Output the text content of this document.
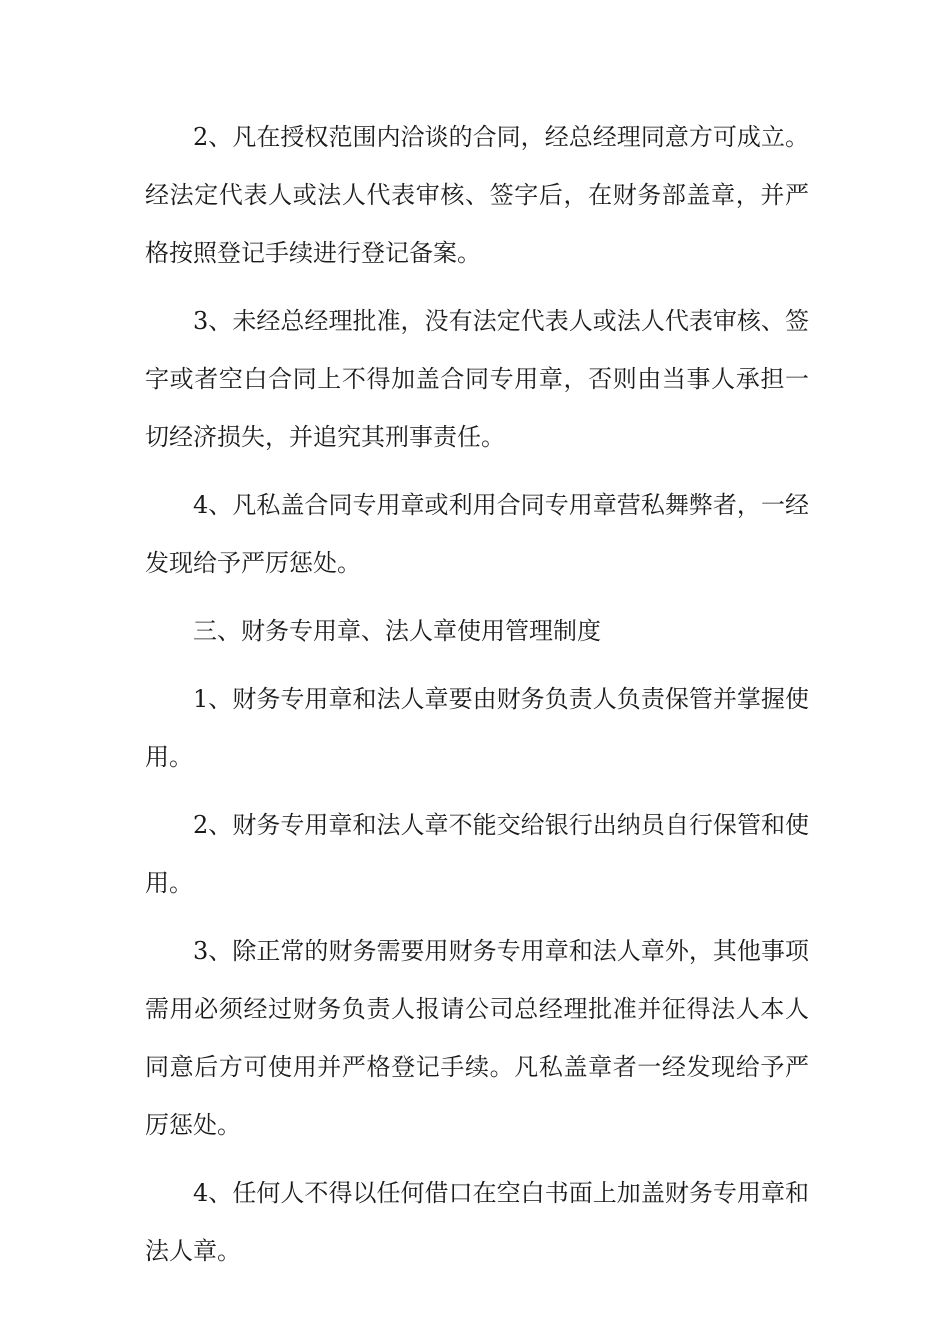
2、凡在授权范围内洽谈的合同，经总经理同意方可成立。经法定代表人或法人代表审核、签字后，在财务部盖章，并严格按照登记手续进行登记备案。

3、未经总经理批准，没有法定代表人或法人代表审核、签字或者空白合同上不得加盖合同专用章，否则由当事人承担一切经济损失，并追究其刑事责任。

4、凡私盖合同专用章或利用合同专用章营私舞弊者，一经发现给予严厉惩处。

三、财务专用章、法人章使用管理制度

1、财务专用章和法人章要由财务负责人负责保管并掌握使用。

2、财务专用章和法人章不能交给银行出纳员自行保管和使用。

3、除正常的财务需要用财务专用章和法人章外，其他事项需用必须经过财务负责人报请公司总经理批准并征得法人本人同意后方可使用并严格登记手续。凡私盖章者一经发现给予严厉惩处。

4、任何人不得以任何借口在空白书面上加盖财务专用章和法人章。
